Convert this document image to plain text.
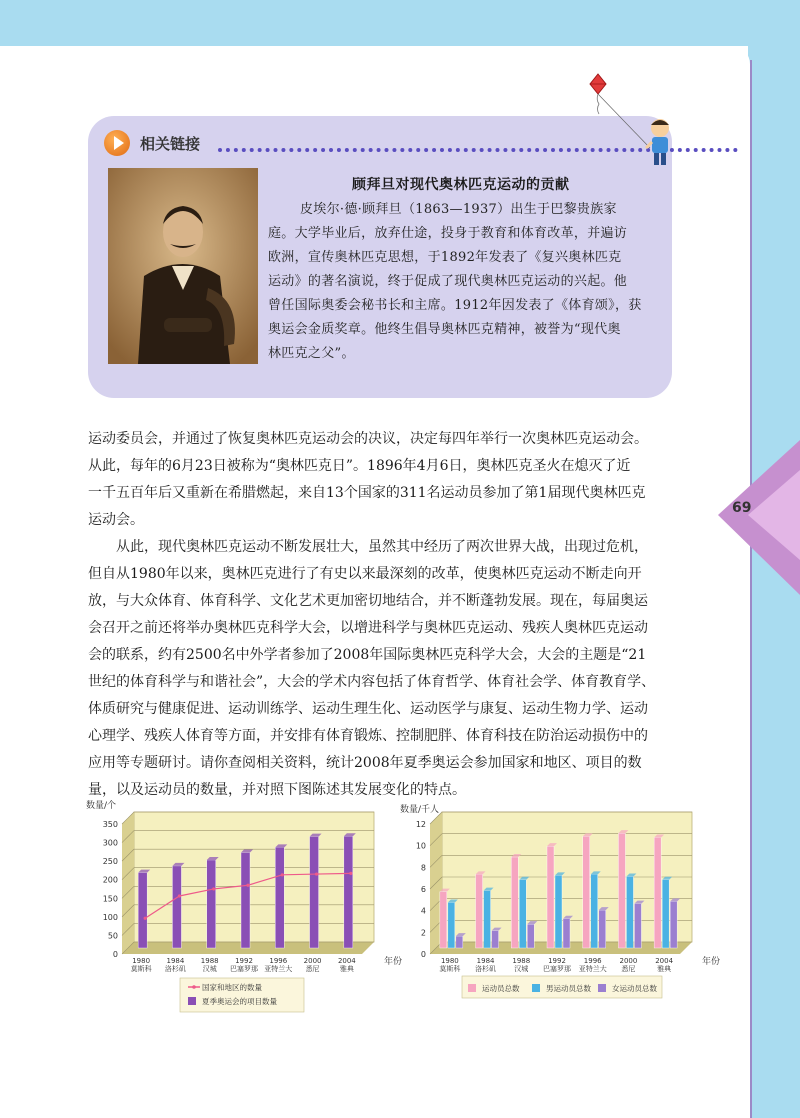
69
相关链接
顾拜旦对现代奥林匹克运动的贡献
皮埃尔·德·顾拜旦（1863—1937）出生于巴黎贵族家
庭。大学毕业后，放弃仕途，投身于教育和体育改革，并遍访
欧洲，宣传奥林匹克思想，于1892年发表了《复兴奥林匹克
运动》的著名演说，终于促成了现代奥林匹克运动的兴起。他
曾任国际奥委会秘书长和主席。1912年因发表了《体育颂》，获
奥运会金质奖章。他终生倡导奥林匹克精神，被誉为“现代奥
林匹克之父”。
运动委员会，并通过了恢复奥林匹克运动会的决议，决定每四年举行一次奥林匹克运动会。
从此，每年的6月23日被称为“奥林匹克日”。1896年4月6日，奥林匹克圣火在熄灭了近
一千五百年后又重新在希腊燃起，来自13个国家的311名运动员参加了第1届现代奥林匹克
运动会。
　　从此，现代奥林匹克运动不断发展壮大，虽然其中经历了两次世界大战，出现过危机，
但自从1980年以来，奥林匹克进行了有史以来最深刻的改革，使奥林匹克运动不断走向开
放，与大众体育、体育科学、文化艺术更加密切地结合，并不断蓬勃发展。现在，每届奥运
会召开之前还将举办奥林匹克科学大会，以增进科学与奥林匹克运动、残疾人奥林匹克运动
会的联系，约有2500名中外学者参加了2008年国际奥林匹克科学大会，大会的主题是“21
世纪的体育科学与和谐社会”，大会的学术内容包括了体育哲学、体育社会学、体育教育学、
体质研究与健康促进、运动训练学、运动生理生化、运动医学与康复、运动生物力学、运动
心理学、残疾人体育等方面，并安排有体育锻炼、控制肥胖、体育科技在防治运动损伤中的
应用等专题研讨。请你查阅相关资料，统计2008年夏季奥运会参加国家和地区、项目的数
量，以及运动员的数量，并对照下图陈述其发展变化的特点。
0
50
100
150
200
250
300
350
数量/个
年份
1980
莫斯科
1984
洛杉矶
1988
汉城
1992
巴塞罗那
1996
亚特兰大
2000
悉尼
2004
雅典
国家和地区的数量
夏季奥运会的项目数量
0
2
4
6
8
10
12
数量/千人
年份
1980
莫斯科
1984
洛杉矶
1988
汉城
1992
巴塞罗那
1996
亚特兰大
2000
悉尼
2004
雅典
运动员总数	男运动员总数	女运动员总数
